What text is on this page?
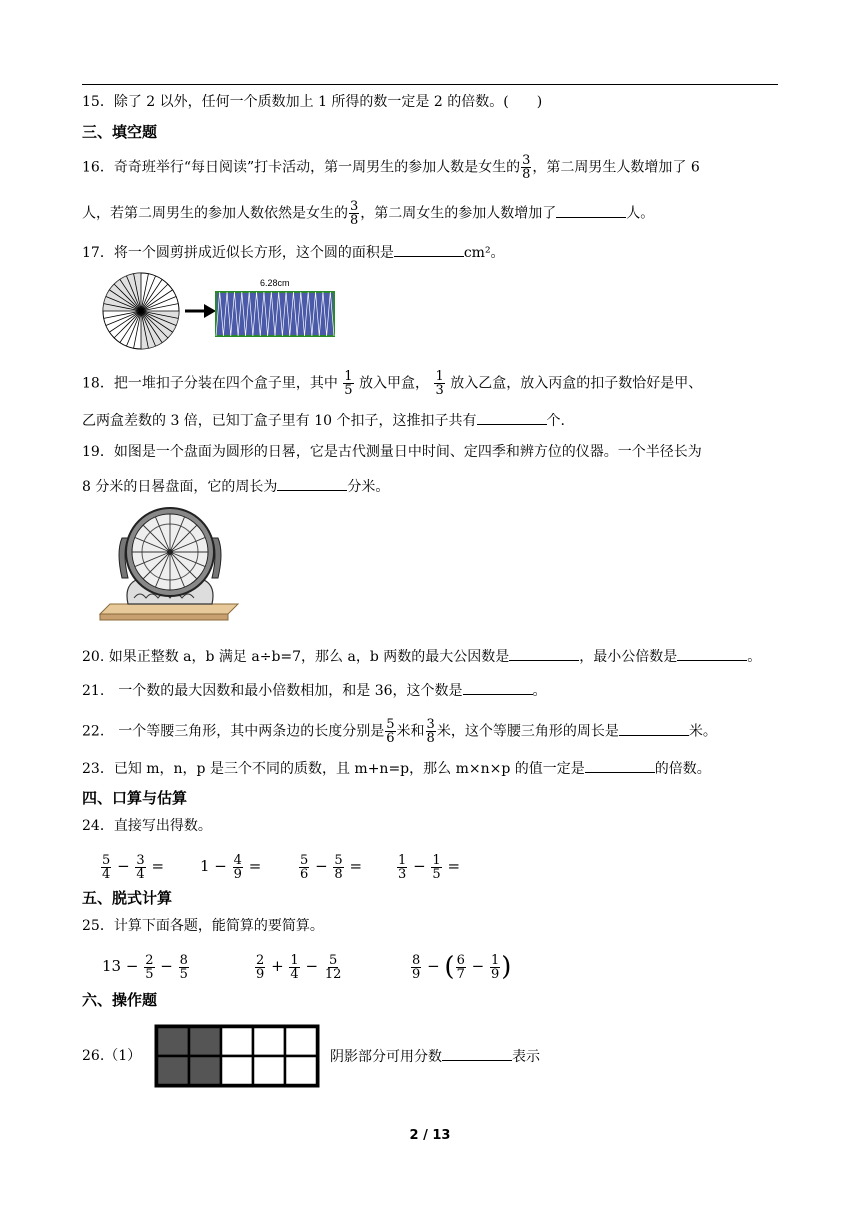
15．除了 2 以外，任何一个质数加上 1 所得的数一定是 2 的倍数。(　　)
三、填空题
16．奇奇班举行“每日阅读”打卡活动，第一周男生的参加人数是女生的 $\frac{3}{8}$ ，第二周男生人数增加了 6
人，若第二周男生的参加人数依然是女生的 $\frac{3}{8}$ ，第二周女生的参加人数增加了	人。
17．将一个圆剪拼成近似长方形，这个圆的面积是	cm²。
6.28cm
18．把一堆扣子分装在四个盒子里，其中 $\frac{1}{5}$ 放入甲盒， $\frac{1}{3}$ 放入乙盒，放入丙盒的扣子数恰好是甲、
乙两盒差数的 3 倍，已知丁盒子里有 10 个扣子，这推扣子共有	个.
19．如图是一个盘面为圆形的日晷，它是古代测量日中时间、定四季和辨方位的仪器。一个半径长为
8 分米的日晷盘面，它的周长为	分米。
20. 如果正整数 a，b 满足 a÷b=7，那么 a，b 两数的最大公因数是	，最小公倍数是	。
21.　一个数的最大因数和最小倍数相加，和是 36，这个数是	。
22.　一个等腰三角形，其中两条边的长度分别是 $\frac{5}{6}$ 米和 $\frac{3}{8}$ 米，这个等腰三角形的周长是	米。
23．已知 m，n，p 是三个不同的质数，且 m+n=p，那么 m×n×p 的值一定是	的倍数。
四、口算与估算
24．直接写出得数。
$\frac{5}{4} - \frac{3}{4} = 1 - \frac{4}{9}$ =	$\frac{5}{6} - \frac{5}{8}$ =	$\frac{1}{3} - \frac{1}{5}$ =
五、脱式计算
25．计算下面各题，能简算的要简算。
$13 - \frac{2}{5} - \frac{8}{5}$	$\frac{2}{9} + \frac{1}{4} - \frac{5}{12}$	$\frac{8}{9}$ − ( $\frac{6}{7} - \frac{1}{9}$ )
六、操作题
26.（1）	阴影部分可用分数	表示
2 / 13
